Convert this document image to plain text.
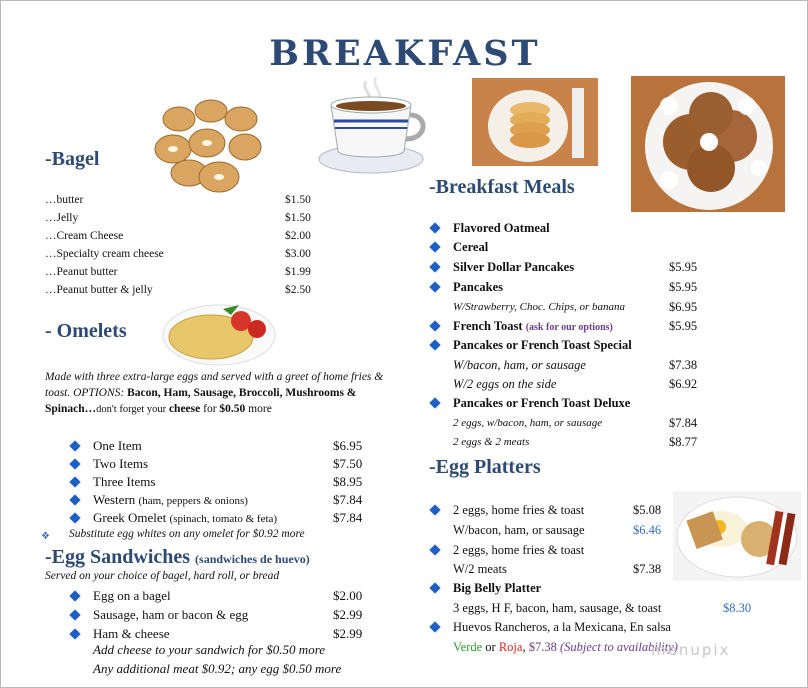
BREAKFAST
-Bagel
…butter	$1.50
…Jelly	$1.50
…Cream Cheese	$2.00
…Specialty cream cheese	$3.00
…Peanut butter	$1.99
…Peanut butter & jelly	$2.50
- Omelets
Made with three extra-large eggs and served with a greet of home fries & toast. OPTIONS: Bacon, Ham, Sausage, Broccoli, Mushrooms & Spinach…don't forget your cheese for $0.50 more
One Item	$6.95
Two Items	$7.50
Three Items	$8.95
Western (ham, peppers & onions)	$7.84
Greek Omelet (spinach, tomato & feta)	$7.84
❖ Substitute egg whites on any omelet for $0.92 more
-Egg Sandwiches (sandwiches de huevo)
Served on your choice of bagel, hard roll, or bread
Egg on a bagel	$2.00
Sausage, ham or bacon & egg	$2.99
Ham & cheese	$2.99
Add cheese to your sandwich for $0.50 more
Any additional meat $0.92; any egg $0.50 more
-Breakfast Meals
Flavored Oatmeal
Cereal
Silver Dollar Pancakes	$5.95
Pancakes	$5.95
W/Strawberry, Choc. Chips, or banana	$6.95
French Toast (ask for our options)	$5.95
Pancakes or French Toast Special
W/bacon, ham, or sausage	$7.38
W/2 eggs on the side	$6.92
Pancakes or French Toast Deluxe
2 eggs, w/bacon, ham, or sausage	$7.84
2 eggs & 2 meats	$8.77
-Egg Platters
2 eggs, home fries & toast	$5.08
W/bacon, ham, or sausage	$6.46
2 eggs, home fries & toast
W/2 meats	$7.38
Big Belly Platter
3 eggs, H F, bacon, ham, sausage, & toast	$8.30
Huevos Rancheros, a la Mexicana, En salsa
Verde or Roja, $7.38 (Subject to availability)
menupix
